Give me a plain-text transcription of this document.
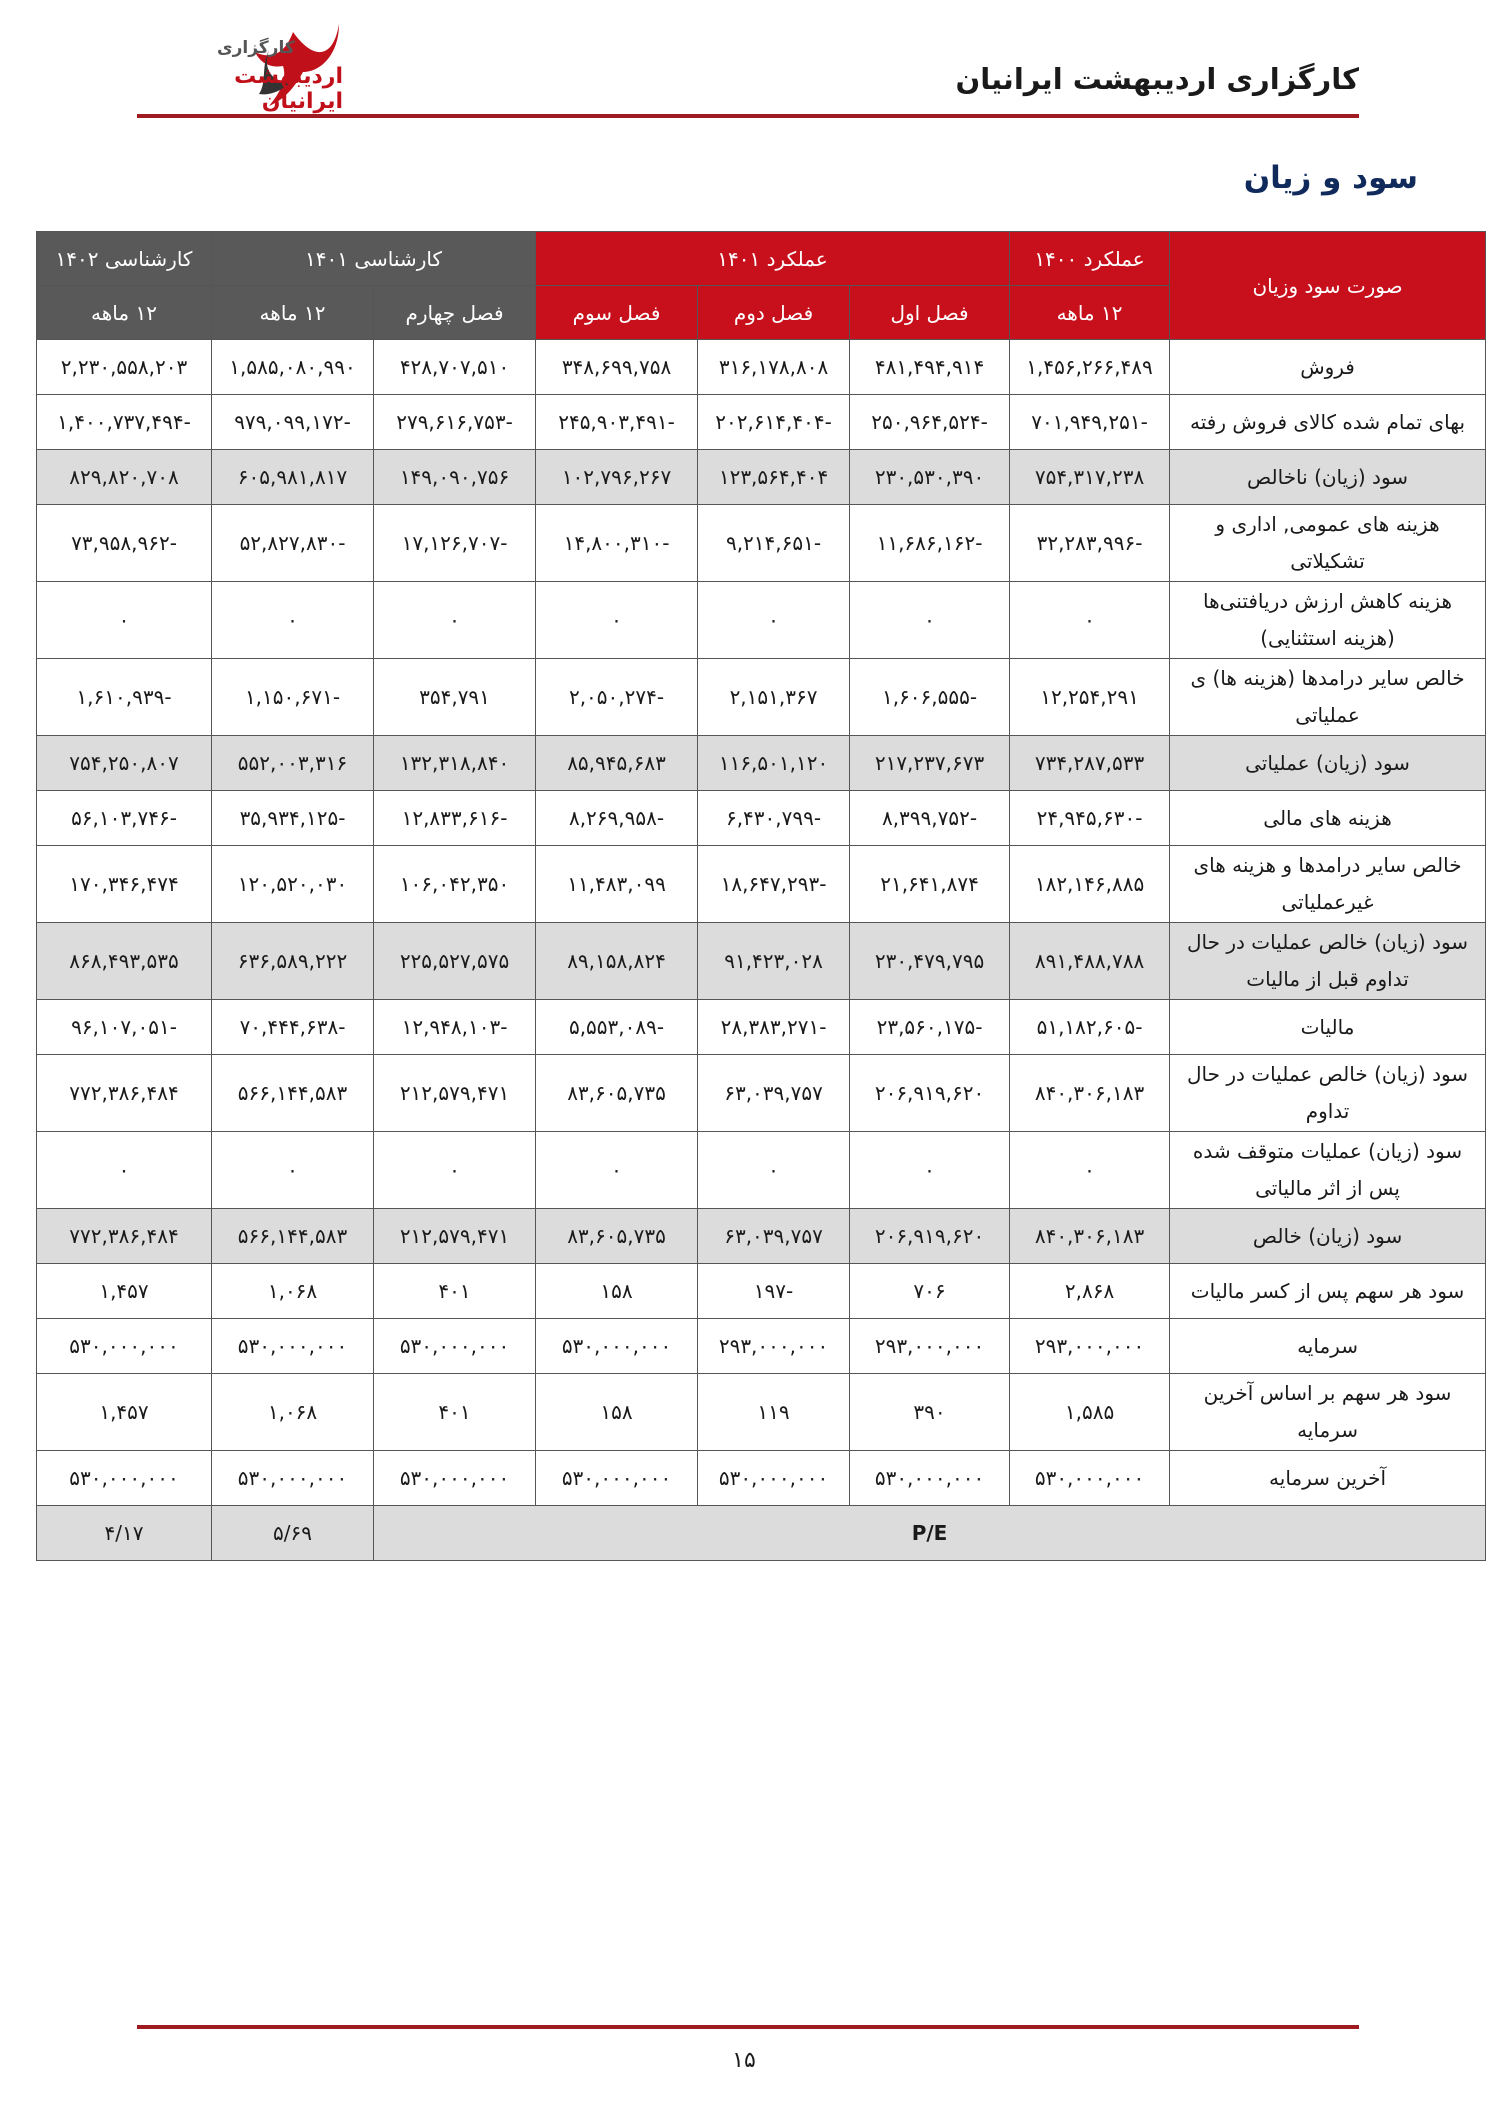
کارگزاری
اردیبهشت ایرانیان
کارگزاری اردیبهشت ایرانیان
سود و زیان
صورت سود وزیان	عملکرد ۱۴۰۰	عملکرد ۱۴۰۱			کارشناسی ۱۴۰۱		کارشناسی ۱۴۰۲
	۱۲ ماهه	فصل اول	فصل دوم	فصل سوم	فصل چهارم	۱۲ ماهه	۱۲ ماهه
فروش	۱,۴۵۶,۲۶۶,۴۸۹	۴۸۱,۴۹۴,۹۱۴	۳۱۶,۱۷۸,۸۰۸	۳۴۸,۶۹۹,۷۵۸	۴۲۸,۷۰۷,۵۱۰	۱,۵۸۵,۰۸۰,۹۹۰	۲,۲۳۰,۵۵۸,۲۰۳
بهای تمام شده کالای فروش رفته	۷۰۱,۹۴۹,۲۵۱-	۲۵۰,۹۶۴,۵۲۴-	۲۰۲,۶۱۴,۴۰۴-	۲۴۵,۹۰۳,۴۹۱-	۲۷۹,۶۱۶,۷۵۳-	۹۷۹,۰۹۹,۱۷۲-	۱,۴۰۰,۷۳۷,۴۹۴-
سود (زیان) ناخالص	۷۵۴,۳۱۷,۲۳۸	۲۳۰,۵۳۰,۳۹۰	۱۲۳,۵۶۴,۴۰۴	۱۰۲,۷۹۶,۲۶۷	۱۴۹,۰۹۰,۷۵۶	۶۰۵,۹۸۱,۸۱۷	۸۲۹,۸۲۰,۷۰۸
هزینه های عمومی, اداری و تشکیلاتی	۳۲,۲۸۳,۹۹۶-	۱۱,۶۸۶,۱۶۲-	۹,۲۱۴,۶۵۱-	۱۴,۸۰۰,۳۱۰-	۱۷,۱۲۶,۷۰۷-	۵۲,۸۲۷,۸۳۰-	۷۳,۹۵۸,۹۶۲-
هزینه کاهش ارزش دریافتنی‌ها (هزینه استثنایی)	۰	۰	۰	۰	۰	۰	۰
خالص سایر درامدها (هزینه ها) ی عملیاتی	۱۲,۲۵۴,۲۹۱	۱,۶۰۶,۵۵۵-	۲,۱۵۱,۳۶۷	۲,۰۵۰,۲۷۴-	۳۵۴,۷۹۱	۱,۱۵۰,۶۷۱-	۱,۶۱۰,۹۳۹-
سود (زیان) عملیاتی	۷۳۴,۲۸۷,۵۳۳	۲۱۷,۲۳۷,۶۷۳	۱۱۶,۵۰۱,۱۲۰	۸۵,۹۴۵,۶۸۳	۱۳۲,۳۱۸,۸۴۰	۵۵۲,۰۰۳,۳۱۶	۷۵۴,۲۵۰,۸۰۷
هزینه های مالی	۲۴,۹۴۵,۶۳۰-	۸,۳۹۹,۷۵۲-	۶,۴۳۰,۷۹۹-	۸,۲۶۹,۹۵۸-	۱۲,۸۳۳,۶۱۶-	۳۵,۹۳۴,۱۲۵-	۵۶,۱۰۳,۷۴۶-
خالص سایر درامدها و هزینه های غیرعملیاتی	۱۸۲,۱۴۶,۸۸۵	۲۱,۶۴۱,۸۷۴	۱۸,۶۴۷,۲۹۳-	۱۱,۴۸۳,۰۹۹	۱۰۶,۰۴۲,۳۵۰	۱۲۰,۵۲۰,۰۳۰	۱۷۰,۳۴۶,۴۷۴
سود (زیان) خالص عملیات در حال تداوم قبل از مالیات	۸۹۱,۴۸۸,۷۸۸	۲۳۰,۴۷۹,۷۹۵	۹۱,۴۲۳,۰۲۸	۸۹,۱۵۸,۸۲۴	۲۲۵,۵۲۷,۵۷۵	۶۳۶,۵۸۹,۲۲۲	۸۶۸,۴۹۳,۵۳۵
مالیات	۵۱,۱۸۲,۶۰۵-	۲۳,۵۶۰,۱۷۵-	۲۸,۳۸۳,۲۷۱-	۵,۵۵۳,۰۸۹-	۱۲,۹۴۸,۱۰۳-	۷۰,۴۴۴,۶۳۸-	۹۶,۱۰۷,۰۵۱-
سود (زیان) خالص عملیات در حال تداوم	۸۴۰,۳۰۶,۱۸۳	۲۰۶,۹۱۹,۶۲۰	۶۳,۰۳۹,۷۵۷	۸۳,۶۰۵,۷۳۵	۲۱۲,۵۷۹,۴۷۱	۵۶۶,۱۴۴,۵۸۳	۷۷۲,۳۸۶,۴۸۴
سود (زیان) عملیات متوقف شده پس از اثر مالیاتی	۰	۰	۰	۰	۰	۰	۰
سود (زیان) خالص	۸۴۰,۳۰۶,۱۸۳	۲۰۶,۹۱۹,۶۲۰	۶۳,۰۳۹,۷۵۷	۸۳,۶۰۵,۷۳۵	۲۱۲,۵۷۹,۴۷۱	۵۶۶,۱۴۴,۵۸۳	۷۷۲,۳۸۶,۴۸۴
سود هر سهم پس از کسر مالیات	۲,۸۶۸	۷۰۶	۱۹۷-	۱۵۸	۴۰۱	۱,۰۶۸	۱,۴۵۷
سرمایه	۲۹۳,۰۰۰,۰۰۰	۲۹۳,۰۰۰,۰۰۰	۲۹۳,۰۰۰,۰۰۰	۵۳۰,۰۰۰,۰۰۰	۵۳۰,۰۰۰,۰۰۰	۵۳۰,۰۰۰,۰۰۰	۵۳۰,۰۰۰,۰۰۰
سود هر سهم بر اساس آخرین سرمایه	۱,۵۸۵	۳۹۰	۱۱۹	۱۵۸	۴۰۱	۱,۰۶۸	۱,۴۵۷
آخرین سرمایه	۵۳۰,۰۰۰,۰۰۰	۵۳۰,۰۰۰,۰۰۰	۵۳۰,۰۰۰,۰۰۰	۵۳۰,۰۰۰,۰۰۰	۵۳۰,۰۰۰,۰۰۰	۵۳۰,۰۰۰,۰۰۰	۵۳۰,۰۰۰,۰۰۰
P/E						۵/۶۹	۴/۱۷
۱۵
